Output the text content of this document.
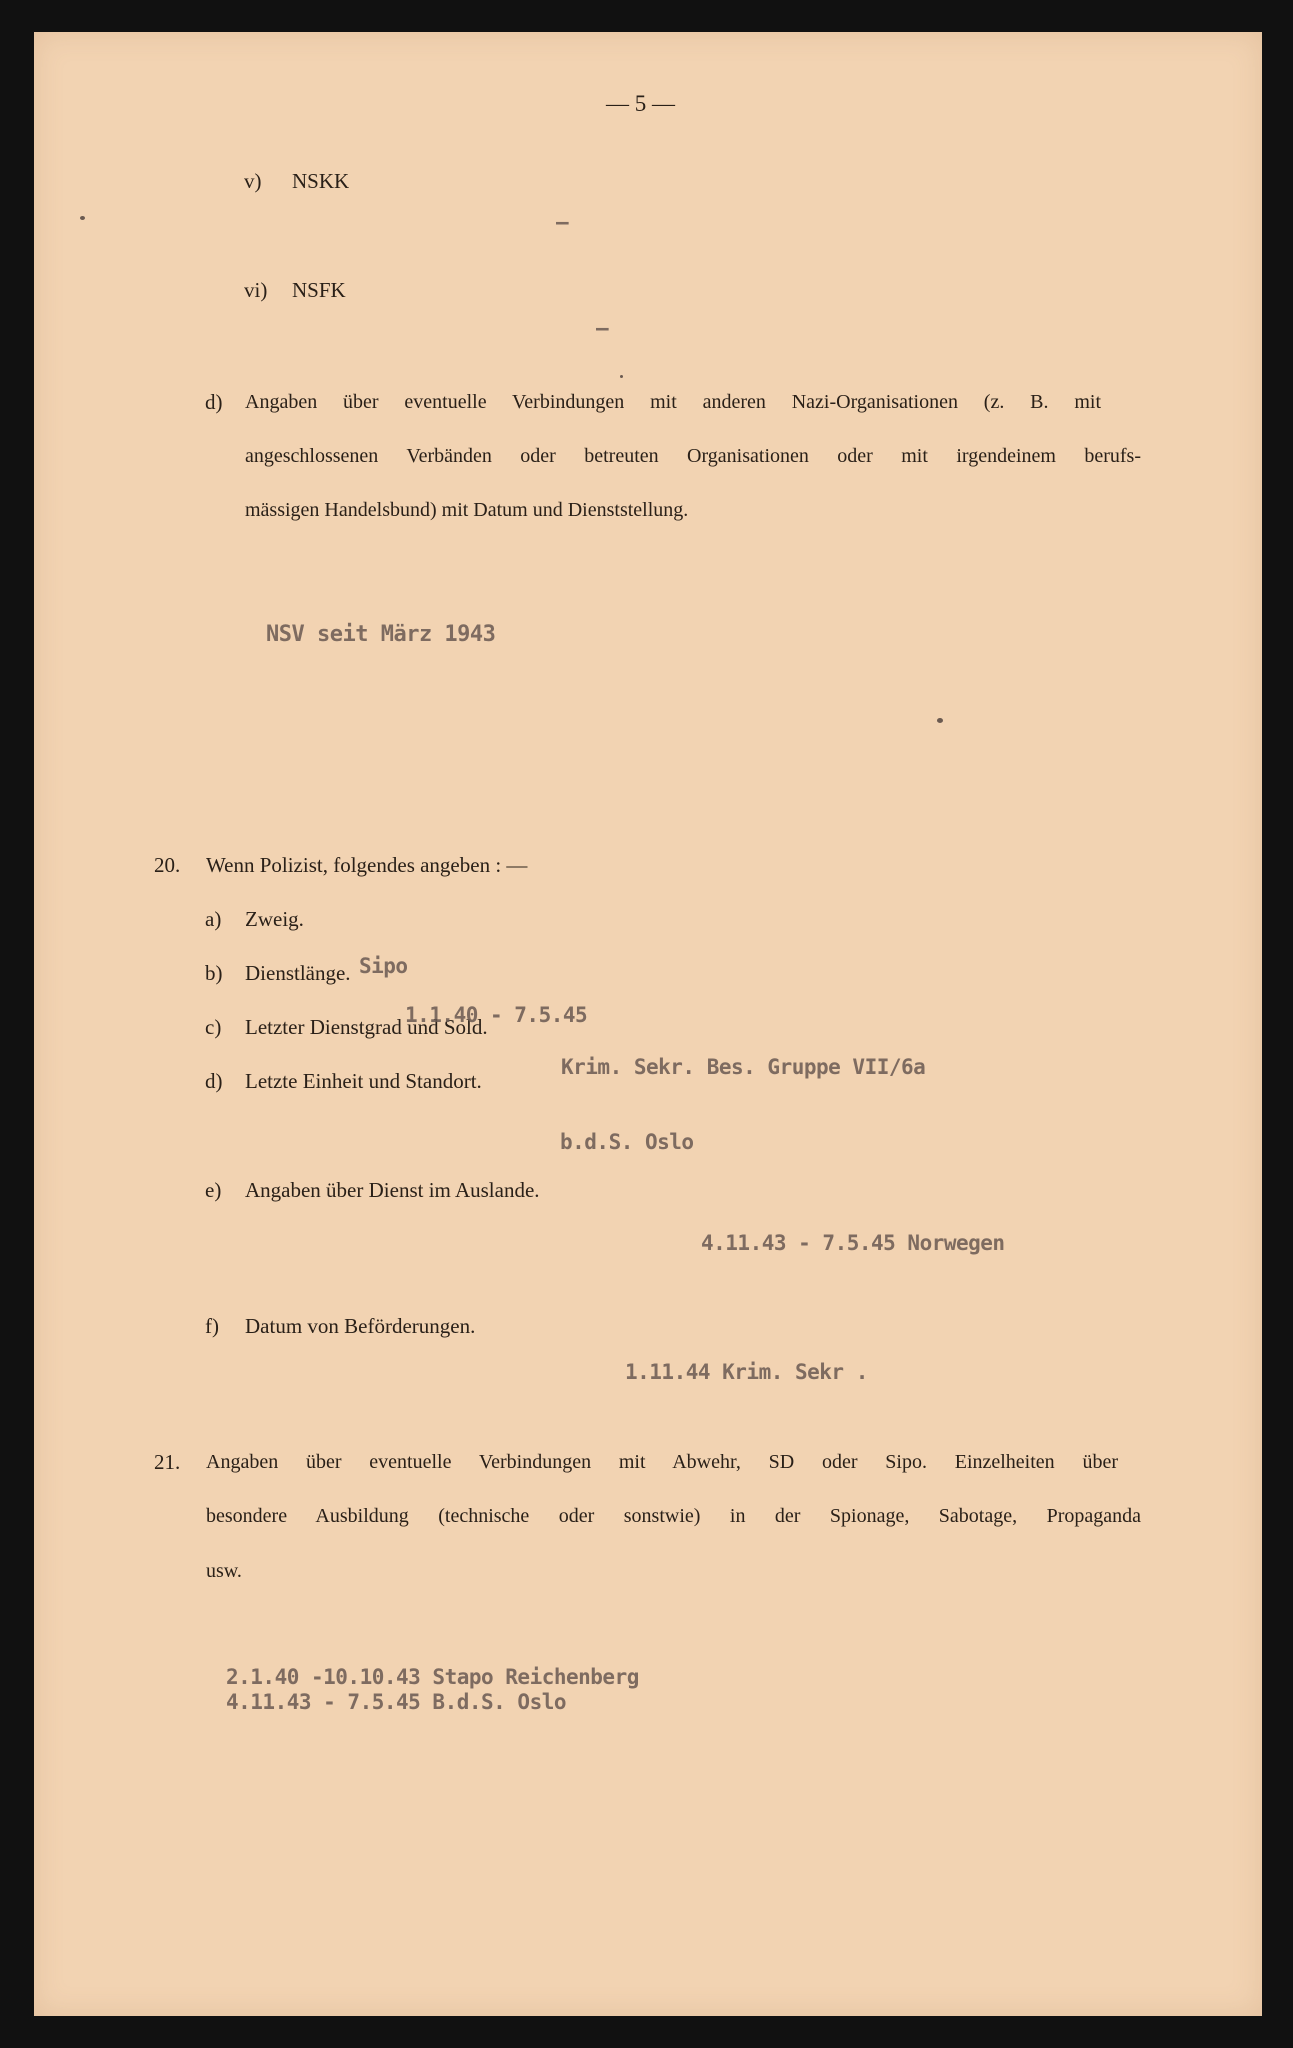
— 5 —
v) NSKK
—
vi) NSFK
—
d) Angaben über eventuelle Verbindungen mit anderen Nazi-Organisationen (z. B. mit
angeschlossenen Verbänden oder betreuten Organisationen oder mit irgendeinem berufs-
mässigen Handelsbund) mit Datum und Dienststellung.
NSV seit März 1943
20. Wenn Polizist, folgendes angeben : —
a) Zweig.
b) Dienstlänge. Sipo
c) Letzter Dienstgrad und Sold.
1.1.40 - 7.5.45
d) Letzte Einheit und Standort.
Krim. Sekr. Bes. Gruppe VII/6a
b.d.S. Oslo
e) Angaben über Dienst im Auslande.
4.11.43 - 7.5.45 Norwegen
f) Datum von Beförderungen.
1.11.44 Krim. Sekr .
21. Angaben über eventuelle Verbindungen mit Abwehr, SD oder Sipo. Einzelheiten über
besondere Ausbildung (technische oder sonstwie) in der Spionage, Sabotage, Propaganda
usw.
2.1.40 -10.10.43 Stapo Reichenberg
4.11.43 - 7.5.45 B.d.S. Oslo
